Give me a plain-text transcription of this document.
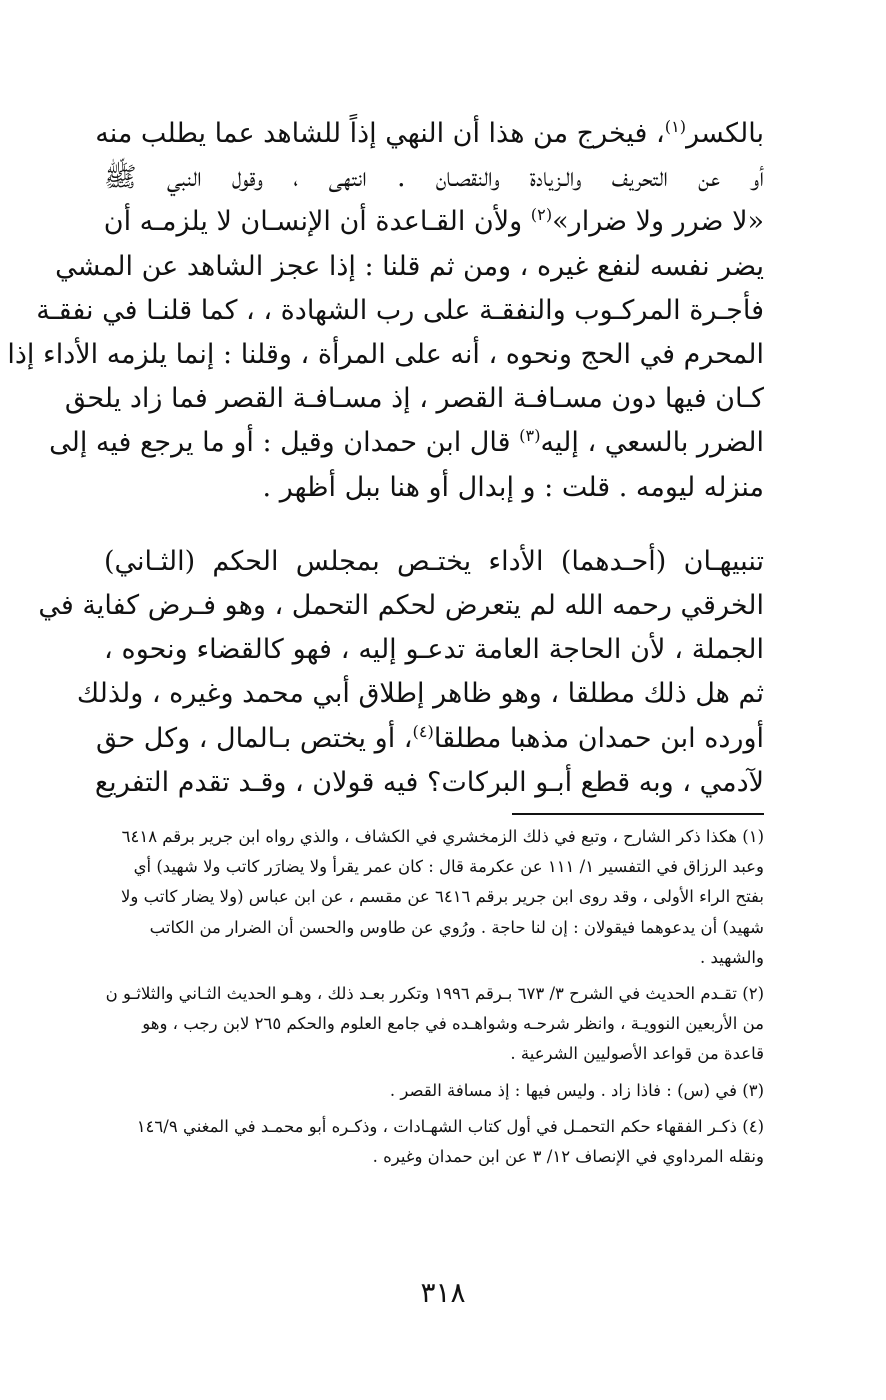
بالكسر$^{(١)}$، فيخرج من هذا أن النهي إذاً للشاهد عما يطلب منه
أو عن التحريف والـزيادة والنقصـان . انتهى ، وقول النبي ﷺ
«لا ضرر ولا ضرار»$^{(٢)}$ ولأن القـاعدة أن الإنسـان لا يلزمـه أن
يضر نفسه لنفع غيره ، ومن ثم قلنا : إذا عجز الشاهد عن المشي
فأجـرة المركـوب والنفقـة على رب الشهادة ، ، كما قلنـا في نفقـة
المحرم في الحج ونحوه ، أنه على المرأة ، وقلنا : إنما يلزمه الأداء إذا
كـان فيها دون مسـافـة القصر ، إذ مسـافـة القصر فما زاد يلحق
الضرر بالسعي ، إليه$^{(٣)}$ قال ابن حمدان وقيل : أو ما يرجع فيه إلى
منزله ليومه . قلت : و إبدال أو هنا ببل أظهر .

تنبيهـان (أحـدهما) الأداء يختـص بمجلس الحكم (الثـاني)
الخرقي رحمه الله لم يتعرض لحكم التحمل ، وهو فـرض كفاية في
الجملة ، لأن الحاجة العامة تدعـو إليه ، فهو كالقضاء ونحوه ،
ثم هل ذلك مطلقا ، وهو ظاهر إطلاق أبي محمد وغيره ، ولذلك
أورده ابن حمدان مذهبا مطلقا$^{(٤)}$، أو يختص بـالمال ، وكل حق
لآدمي ، وبه قطع أبـو البركات؟ فيه قولان ، وقـد تقدم التفريع

(١) هكذا ذكر الشارح ، وتبع في ذلك الزمخشري في الكشاف ، والذي رواه ابن جرير برقم ٦٤١٨ وعبد الرزاق في التفسير ١/ ١١١ عن عكرمة قال : كان عمر يقرأ ولا يضارَر كاتب ولا شهيد) أي بفتح الراء الأولى ، وقد روى ابن جرير برقم ٦٤١٦ عن مقسم ، عن ابن عباس (ولا يضار كاتب ولا شهيد) أن يدعوهما فيقولان : إن لنا حاجة . ورُوي عن طاوس والحسن أن الضرار من الكاتب والشهيد .

(٢) تقـدم الحديث في الشرح ٣/ ٦٧٣ بـرقم ١٩٩٦ وتكرر بعـد ذلك ، وهـو الحديث الثـاني والثلاثـو ن من الأربعين النوويـة ، وانظر شرحـه وشواهـده في جامع العلوم والحكم ٢٦٥ لابن رجب ، وهو قاعدة من قواعد الأصوليين الشرعية .

(٣) في (س) : فاذا زاد . وليس فيها : إذ مسافة القصر .

(٤) ذكـر الفقهاء حكم التحمـل في أول كتاب الشهـادات ، وذكـره أبو محمـد في المغني ١٤٦/٩ ونقله المرداوي في الإنصاف ١٢/ ٣ عن ابن حمدان وغيره .

٣١٨
